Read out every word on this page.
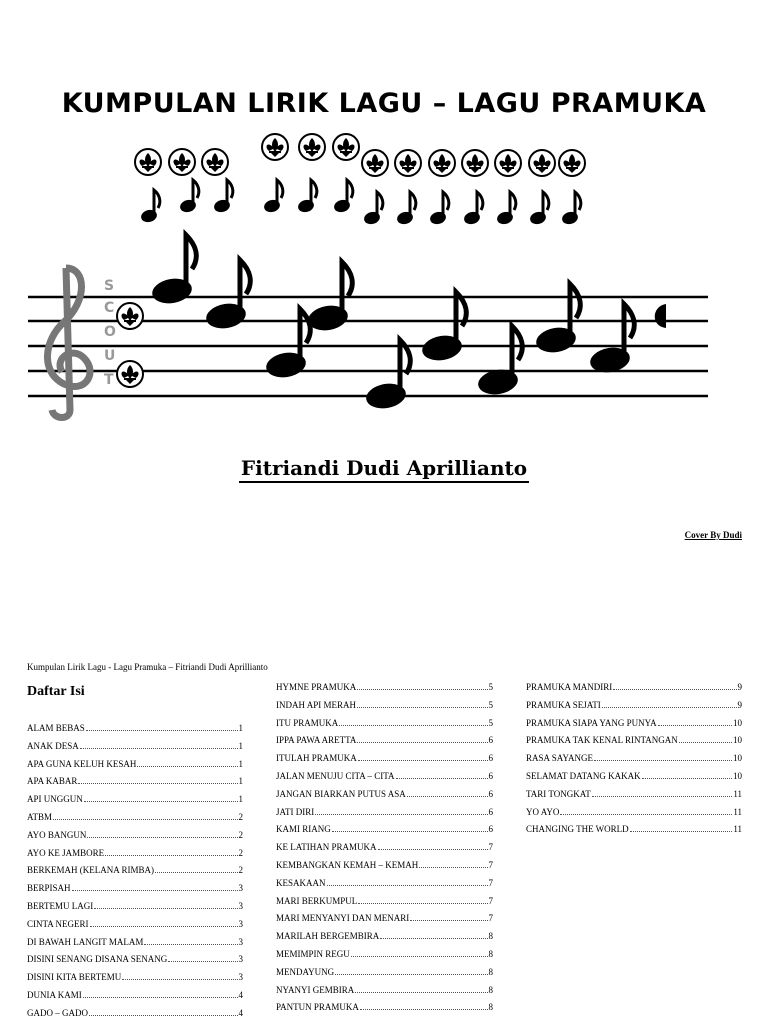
KUMPULAN LIRIK LAGU – LAGU PRAMUKA
S
C
O
U
T
Fitriandi Dudi Aprillianto
Cover By Dudi
Kumpulan Lirik Lagu - Lagu Pramuka – Fitriandi Dudi Aprillianto
Daftar Isi
ALAM BEBAS	1
ANAK DESA	1
APA GUNA KELUH KESAH	1
APA KABAR	1
API UNGGUN	1
ATBM	2
AYO BANGUN	2
AYO KE JAMBORE	2
BERKEMAH (KELANA RIMBA)	2
BERPISAH	3
BERTEMU LAGI	3
CINTA NEGERI	3
DI BAWAH LANGIT MALAM	3
DISINI SENANG DISANA SENANG	3
DISINI KITA BERTEMU	3
DUNIA KAMI	4
GADO – GADO	4
HYMNE PRAMUKA	5
INDAH API MERAH	5
ITU PRAMUKA	5
IPPA PAWA ARETTA	6
ITULAH PRAMUKA	6
JALAN MENUJU CITA – CITA	6
JANGAN BIARKAN PUTUS ASA	6
JATI DIRI	6
KAMI RIANG	6
KE LATIHAN PRAMUKA	7
KEMBANGKAN KEMAH – KEMAH	7
KESAKAAN	7
MARI BERKUMPUL	7
MARI MENYANYI DAN MENARI	7
MARILAH BERGEMBIRA	8
MEMIMPIN REGU	8
MENDAYUNG	8
NYANYI GEMBIRA	8
PANTUN PRAMUKA	8
PRAMUKA MANDIRI	9
PRAMUKA SEJATI	9
PRAMUKA SIAPA YANG PUNYA	10
PRAMUKA TAK KENAL RINTANGAN	10
RASA SAYANGE	10
SELAMAT DATANG KAKAK	10
TARI TONGKAT	11
YO AYO	11
CHANGING THE WORLD	11
